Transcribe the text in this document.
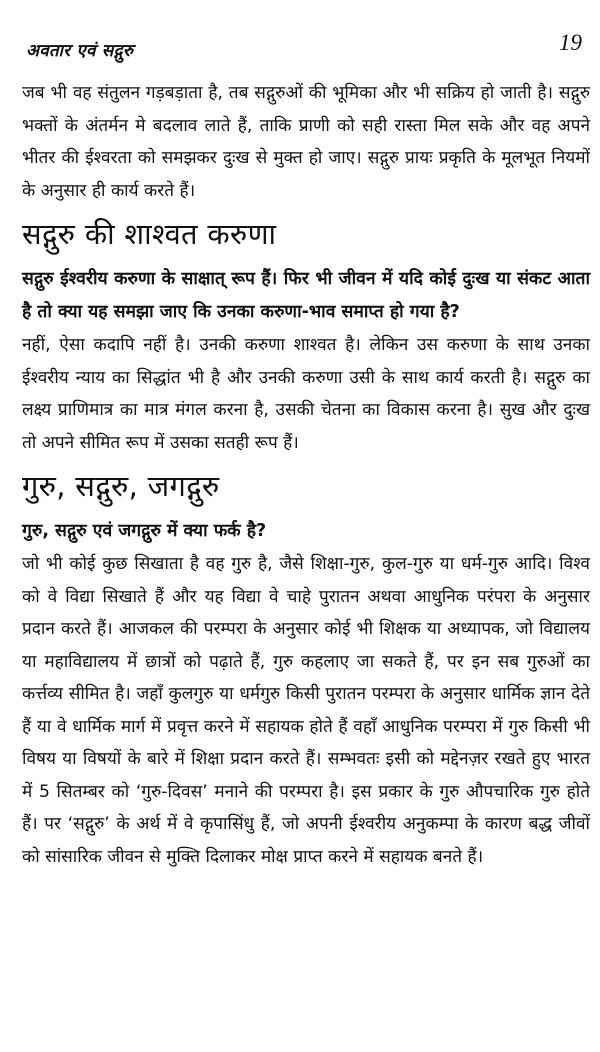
अवतार एवं सद्गुरु	19

जब भी वह संतुलन गड़बड़ाता है, तब सद्गुरुओं की भूमिका और भी सक्रिय हो जाती है। सद्गुरु भक्तों के अंतर्मन मे बदलाव लाते हैं, ताकि प्राणी को सही रास्ता मिल सके और वह अपने भीतर की ईश्वरता को समझकर दुःख से मुक्त हो जाए। सद्गुरु प्रायः प्रकृति के मूलभूत नियमों के अनुसार ही कार्य करते हैं।

सद्गुरु की शाश्वत करुणा

सद्गुरु ईश्वरीय करुणा के साक्षात् रूप हैं। फिर भी जीवन में यदि कोई दुःख या संकट आता है तो क्या यह समझा जाए कि उनका करुणा-भाव समाप्त हो गया है?

नहीं, ऐसा कदापि नहीं है। उनकी करुणा शाश्वत है। लेकिन उस करुणा के साथ उनका ईश्वरीय न्याय का सिद्धांत भी है और उनकी करुणा उसी के साथ कार्य करती है। सद्गुरु का लक्ष्य प्राणिमात्र का मात्र मंगल करना है, उसकी चेतना का विकास करना है। सुख और दुःख तो अपने सीमित रूप में उसका सतही रूप हैं।

गुरु, सद्गुरु, जगद्गुरु

गुरु, सद्गुरु एवं जगद्गुरु में क्या फर्क है?

जो भी कोई कुछ सिखाता है वह गुरु है, जैसे शिक्षा-गुरु, कुल-गुरु या धर्म-गुरु आदि। विश्व को वे विद्या सिखाते हैं और यह विद्या वे चाहे पुरातन अथवा आधुनिक परंपरा के अनुसार प्रदान करते हैं। आजकल की परम्परा के अनुसार कोई भी शिक्षक या अध्यापक, जो विद्यालय या महाविद्यालय में छात्रों को पढ़ाते हैं, गुरु कहलाए जा सकते हैं, पर इन सब गुरुओं का कर्त्तव्य सीमित है। जहाँ कुलगुरु या धर्मगुरु किसी पुरातन परम्परा के अनुसार धार्मिक ज्ञान देते हैं या वे धार्मिक मार्ग में प्रवृत्त करने में सहायक होते हैं वहाँ आधुनिक परम्परा में गुरु किसी भी विषय या विषयों के बारे में शिक्षा प्रदान करते हैं। सम्भवतः इसी को मद्देनज़र रखते हुए भारत में 5 सितम्बर को ‘गुरु-दिवस’ मनाने की परम्परा है। इस प्रकार के गुरु औपचारिक गुरु होते हैं। पर ‘सद्गुरु’ के अर्थ में वे कृपासिंधु हैं, जो अपनी ईश्वरीय अनुकम्पा के कारण बद्ध जीवों को सांसारिक जीवन से मुक्ति दिलाकर मोक्ष प्राप्त करने में सहायक बनते हैं।
